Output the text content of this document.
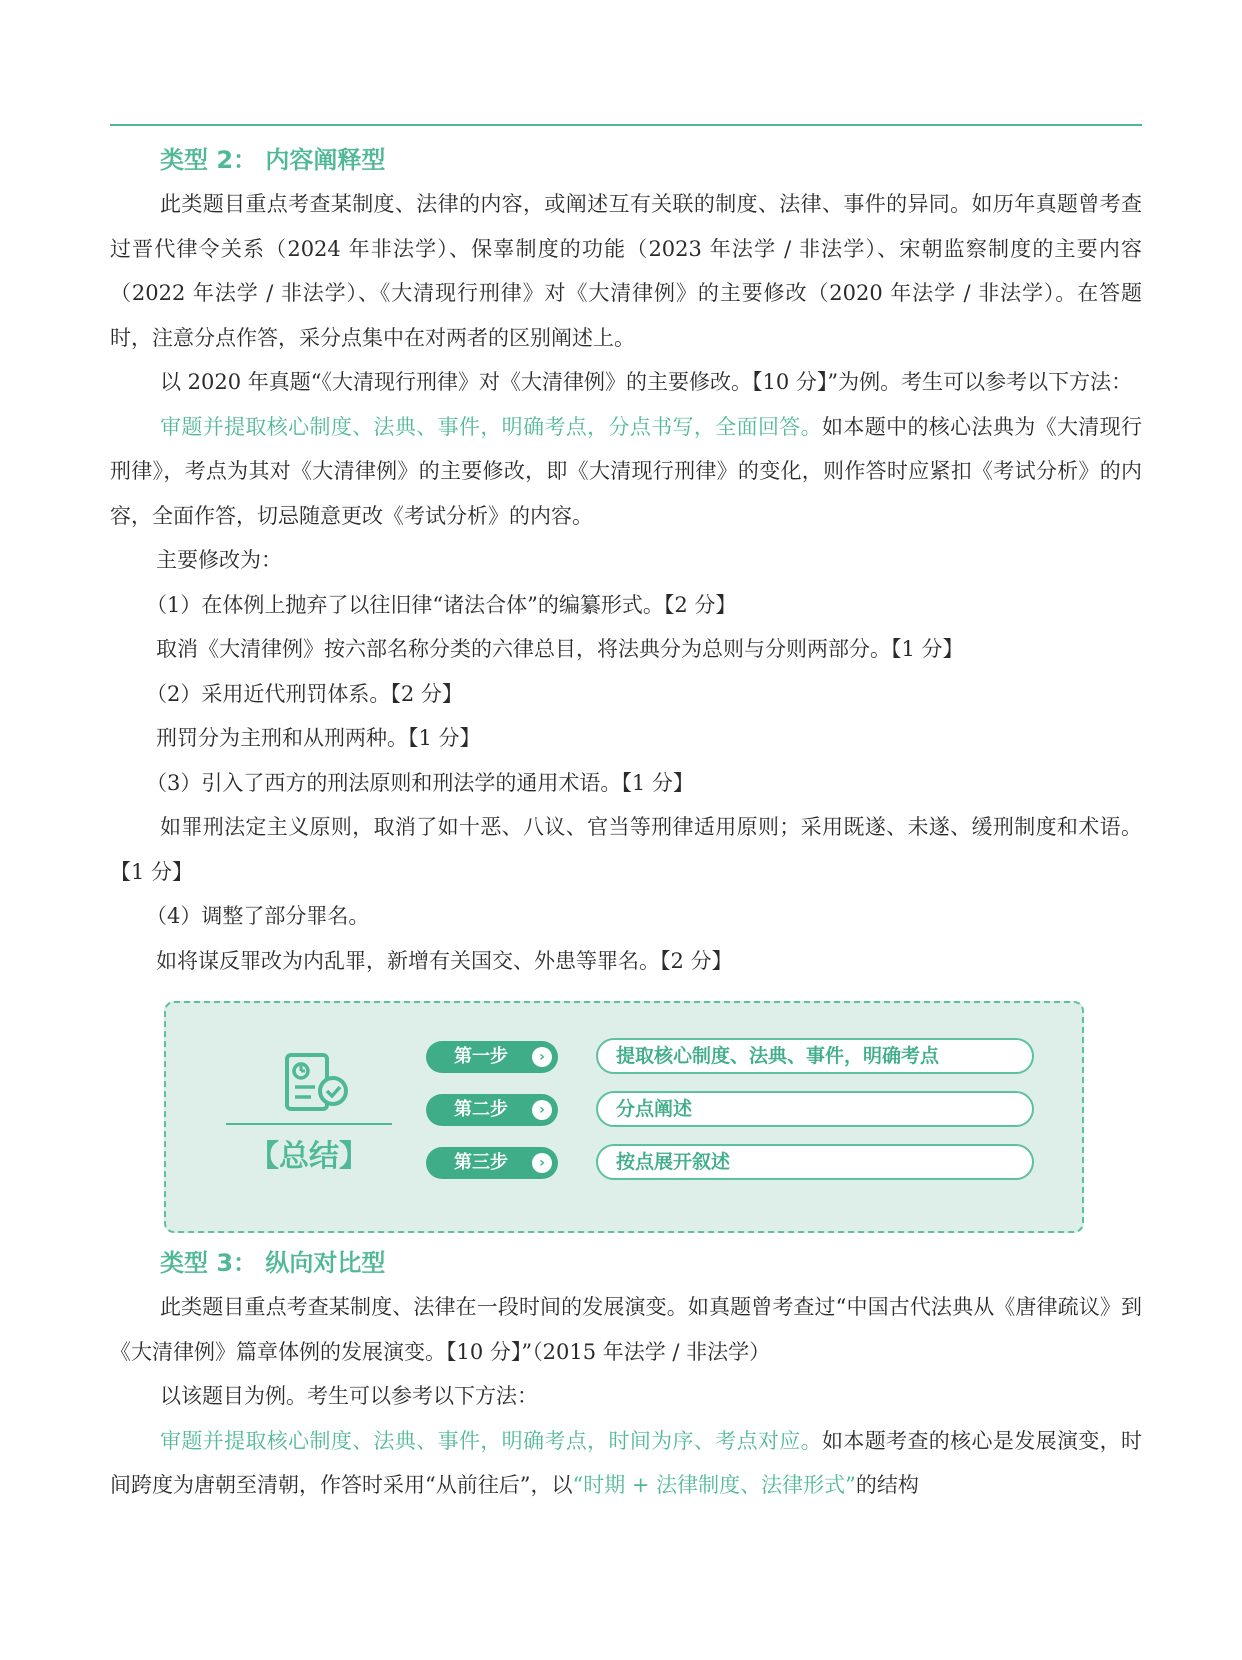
类型 2： 内容阐释型

此类题目重点考查某制度、法律的内容，或阐述互有关联的制度、法律、事件的异同。如历年真题曾考查过晋代律令关系（2024 年非法学）、保辜制度的功能（2023 年法学 / 非法学）、宋朝监察制度的主要内容（2022 年法学 / 非法学）、《大清现行刑律》对《大清律例》的主要修改（2020 年法学 / 非法学）。在答题时，注意分点作答，采分点集中在对两者的区别阐述上。

以 2020 年真题“《大清现行刑律》对《大清律例》的主要修改。【10 分】”为例。考生可以参考以下方法：

审题并提取核心制度、法典、事件，明确考点，分点书写，全面回答。如本题中的核心法典为《大清现行刑律》，考点为其对《大清律例》的主要修改，即《大清现行刑律》的变化，则作答时应紧扣《考试分析》的内容，全面作答，切忌随意更改《考试分析》的内容。

主要修改为：

（1）在体例上抛弃了以往旧律“诸法合体”的编纂形式。【2 分】

取消《大清律例》按六部名称分类的六律总目，将法典分为总则与分则两部分。【1 分】

（2）采用近代刑罚体系。【2 分】

刑罚分为主刑和从刑两种。【1 分】

（3）引入了西方的刑法原则和刑法学的通用术语。【1 分】

如罪刑法定主义原则，取消了如十恶、八议、官当等刑律适用原则；采用既遂、未遂、缓刑制度和术语。【1 分】

（4）调整了部分罪名。

如将谋反罪改为内乱罪，新增有关国交、外患等罪名。【2 分】

【总结】
第一步	›	提取核心制度、法典、事件，明确考点
第二步	›	分点阐述
第三步	›	按点展开叙述
类型 3： 纵向对比型

此类题目重点考查某制度、法律在一段时间的发展演变。如真题曾考查过“中国古代法典从《唐律疏议》到《大清律例》篇章体例的发展演变。【10 分】”（2015 年法学 / 非法学）

以该题目为例。考生可以参考以下方法：

审题并提取核心制度、法典、事件，明确考点，时间为序、考点对应。如本题考查的核心是发展演变，时间跨度为唐朝至清朝，作答时采用“从前往后”，以“时期 + 法律制度、法律形式”的结构
